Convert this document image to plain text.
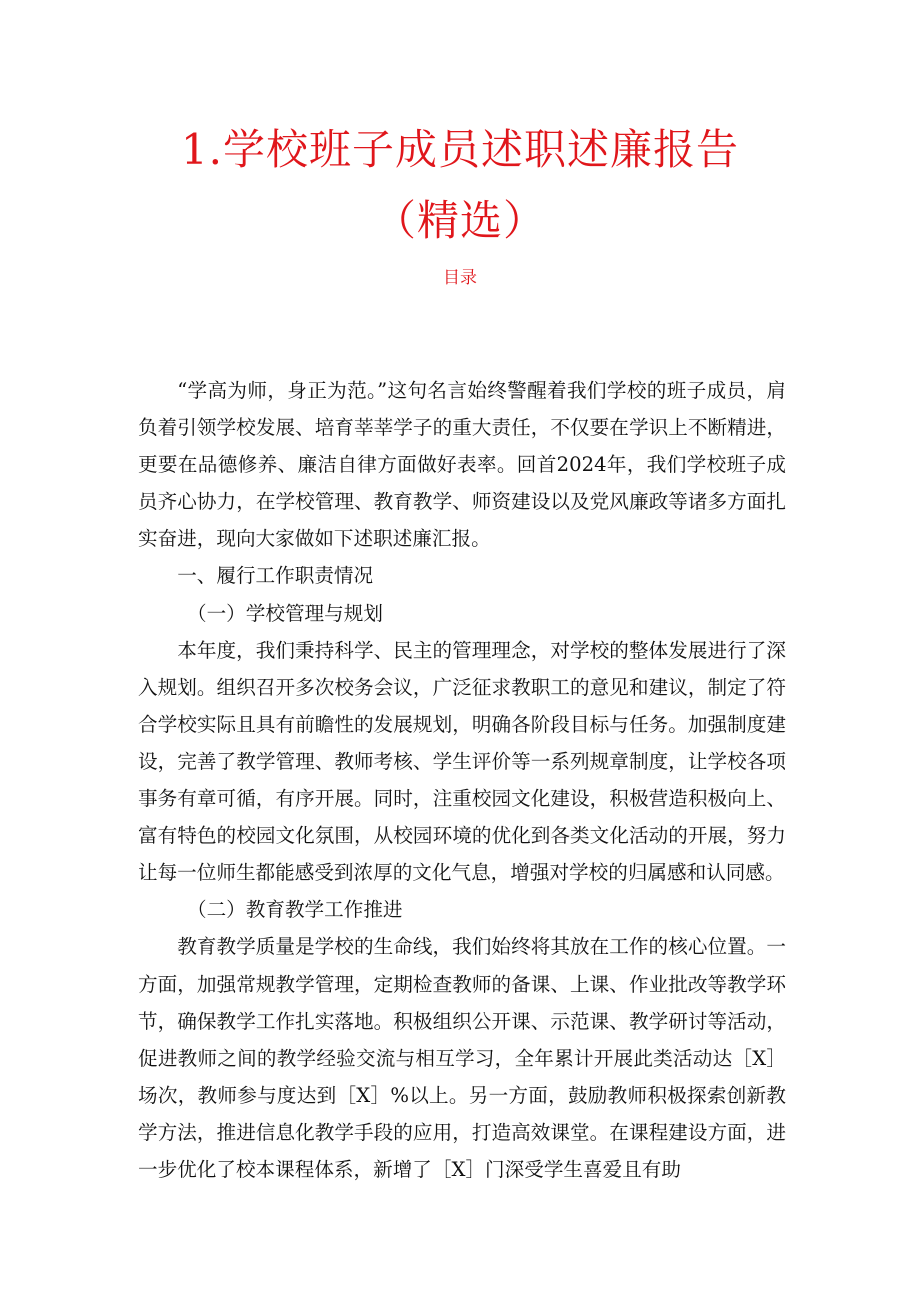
1.学校班子成员述职述廉报告
（精选）
目录

“学高为师，身正为范。”这句名言始终警醒着我们学校的班子成员，肩负着引领学校发展、培育莘莘学子的重大责任，不仅要在学识上不断精进，更要在品德修养、廉洁自律方面做好表率。回首2024年，我们学校班子成员齐心协力，在学校管理、教育教学、师资建设以及党风廉政等诸多方面扎实奋进，现向大家做如下述职述廉汇报。

一、履行工作职责情况

（一）学校管理与规划

本年度，我们秉持科学、民主的管理理念，对学校的整体发展进行了深入规划。组织召开多次校务会议，广泛征求教职工的意见和建议，制定了符合学校实际且具有前瞻性的发展规划，明确各阶段目标与任务。加强制度建设，完善了教学管理、教师考核、学生评价等一系列规章制度，让学校各项事务有章可循，有序开展。同时，注重校园文化建设，积极营造积极向上、富有特色的校园文化氛围，从校园环境的优化到各类文化活动的开展，努力让每一位师生都能感受到浓厚的文化气息，增强对学校的归属感和认同感。

（二）教育教学工作推进

教育教学质量是学校的生命线，我们始终将其放在工作的核心位置。一方面，加强常规教学管理，定期检查教师的备课、上课、作业批改等教学环节，确保教学工作扎实落地。积极组织公开课、示范课、教学研讨等活动，促进教师之间的教学经验交流与相互学习，全年累计开展此类活动达［X］场次，教师参与度达到［X］%以上。另一方面，鼓励教师积极探索创新教学方法，推进信息化教学手段的应用，打造高效课堂。在课程建设方面，进一步优化了校本课程体系，新增了［X］门深受学生喜爱且有助
